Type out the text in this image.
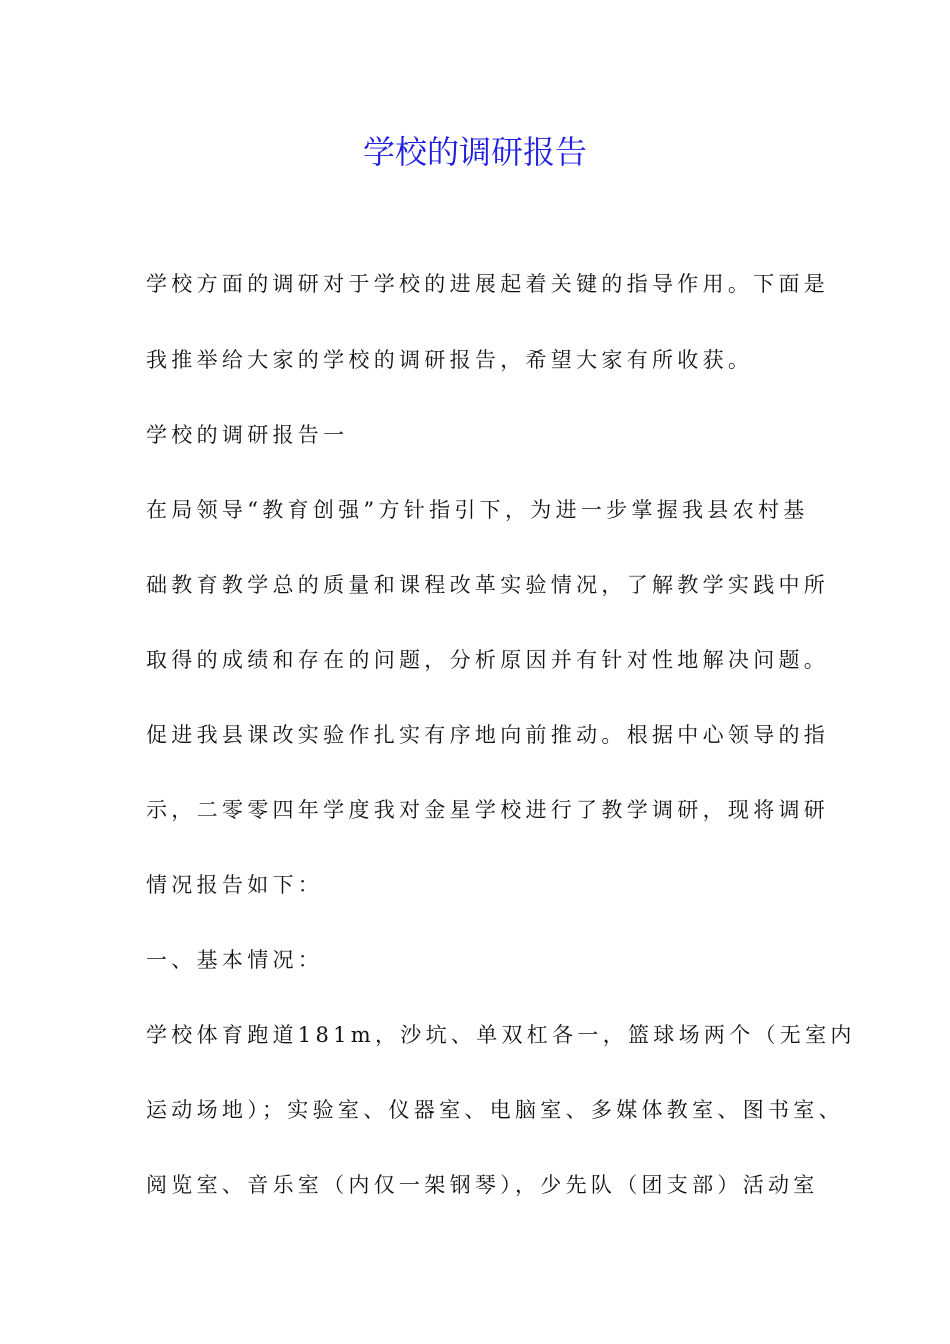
学校的调研报告

学校方面的调研对于学校的进展起着关键的指导作用。下面是

我推举给大家的学校的调研报告，希望大家有所收获。

学校的调研报告一

在局领导“教育创强”方针指引下，为进一步掌握我县农村基

础教育教学总的质量和课程改革实验情况，了解教学实践中所

取得的成绩和存在的问题，分析原因并有针对性地解决问题。

促进我县课改实验作扎实有序地向前推动。根据中心领导的指

示，二零零四年学度我对金星学校进行了教学调研，现将调研

情况报告如下：

一、基本情况：

学校体育跑道181m，沙坑、单双杠各一，篮球场两个（无室内

运动场地）；实验室、仪器室、电脑室、多媒体教室、图书室、

阅览室、音乐室（内仅一架钢琴），少先队（团支部）活动室
